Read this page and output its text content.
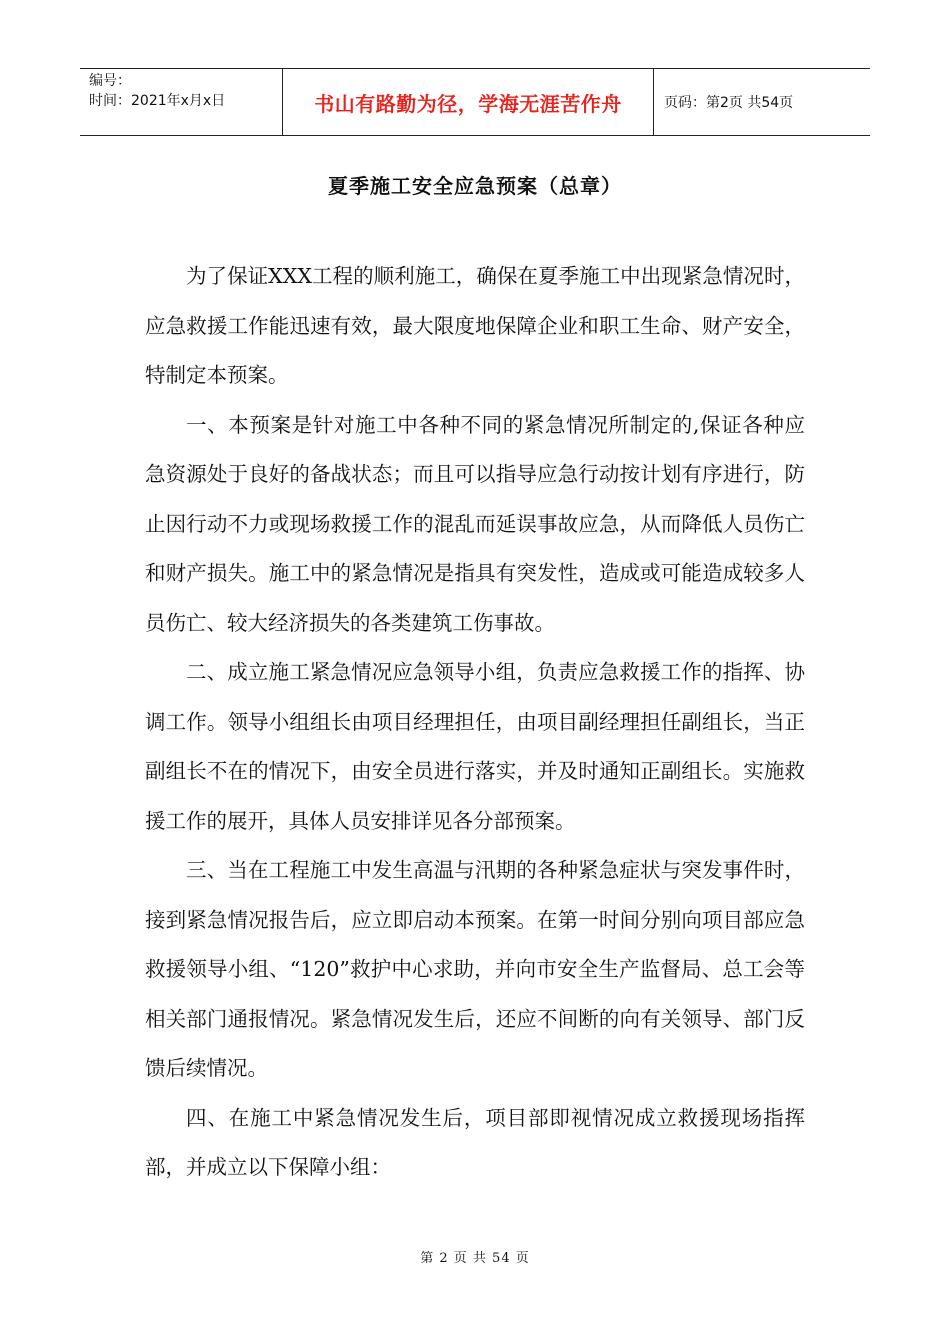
编号：
时间：2021年x月x日	书山有路勤为径，学海无涯苦作舟	页码：第2页 共54页
夏季施工安全应急预案（总章）

为了保证XXX工程的顺利施工，确保在夏季施工中出现紧急情况时，应急救援工作能迅速有效，最大限度地保障企业和职工生命、财产安全，特制定本预案。

一、本预案是针对施工中各种不同的紧急情况所制定的,保证各种应急资源处于良好的备战状态；而且可以指导应急行动按计划有序进行，防止因行动不力或现场救援工作的混乱而延误事故应急，从而降低人员伤亡和财产损失。施工中的紧急情况是指具有突发性，造成或可能造成较多人员伤亡、较大经济损失的各类建筑工伤事故。

二、成立施工紧急情况应急领导小组，负责应急救援工作的指挥、协调工作。领导小组组长由项目经理担任，由项目副经理担任副组长，当正副组长不在的情况下，由安全员进行落实，并及时通知正副组长。实施救援工作的展开，具体人员安排详见各分部预案。

三、当在工程施工中发生高温与汛期的各种紧急症状与突发事件时，接到紧急情况报告后，应立即启动本预案。在第一时间分别向项目部应急救援领导小组、“120”救护中心求助，并向市安全生产监督局、总工会等相关部门通报情况。紧急情况发生后，还应不间断的向有关领导、部门反馈后续情况。

四、在施工中紧急情况发生后，项目部即视情况成立救援现场指挥部，并成立以下保障小组：

第 2 页 共 54 页
